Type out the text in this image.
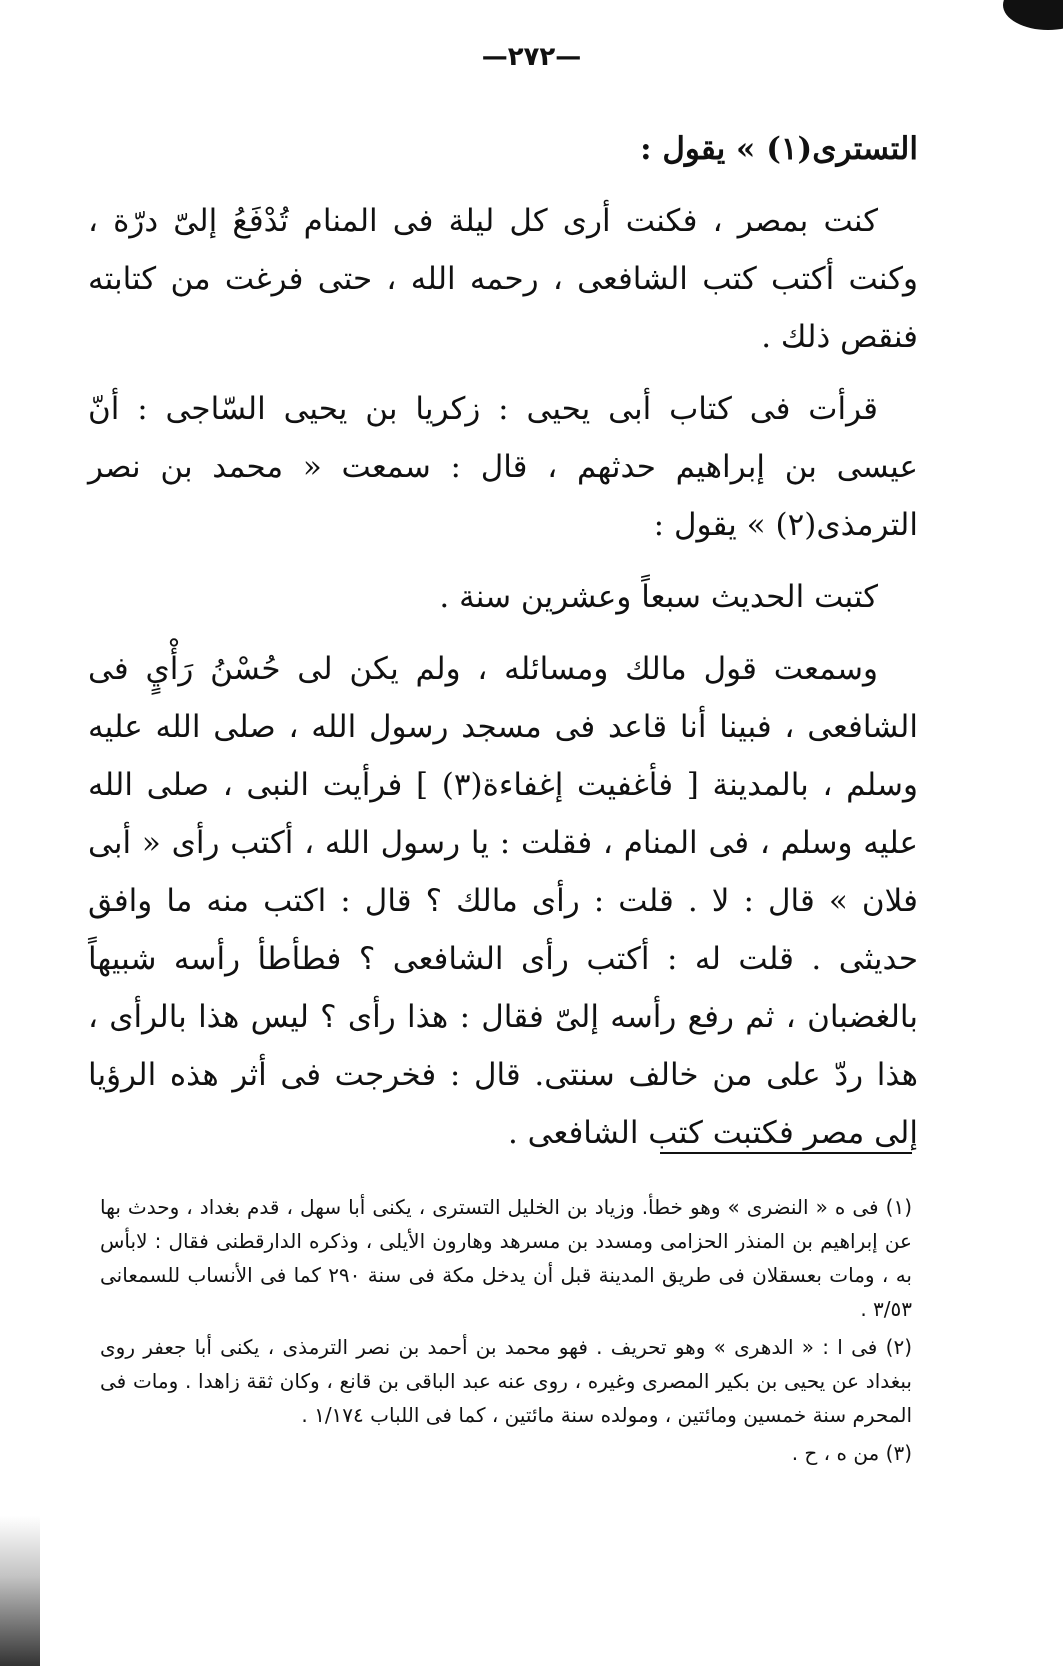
—٢٧٢—

التسترى(١) » يقول :

كنت بمصر ، فكنت أرى كل ليلة فى المنام تُدْفَعُ إلىّ درّة ، وكنت أكتب كتب الشافعى ، رحمه الله ، حتى فرغت من كتابته فنقص ذلك .

قرأت فى كتاب أبى يحيى : زكريا بن يحيى السّاجى : أنّ عيسى بن إبراهيم حدثهم ، قال : سمعت « محمد بن نصر الترمذى(٢) » يقول :

كتبت الحديث سبعاً وعشرين سنة .

وسمعت قول مالك ومسائله ، ولم يكن لى حُسْنُ رَأْيٍ فى الشافعى ، فبينا أنا قاعد فى مسجد رسول الله ، صلى الله عليه وسلم ، بالمدينة [ فأغفيت إغفاءة(٣) ] فرأيت النبى ، صلى الله عليه وسلم ، فى المنام ، فقلت : يا رسول الله ، أكتب رأى « أبى فلان » قال : لا . قلت : رأى مالك ؟ قال : اكتب منه ما وافق حديثى . قلت له : أكتب رأى الشافعى ؟ فطأطأ رأسه شبيهاً بالغضبان ، ثم رفع رأسه إلىّ فقال : هذا رأى ؟ ليس هذا بالرأى ، هذا ردّ على من خالف سنتى. قال : فخرجت فى أثر هذه الرؤيا إلى مصر فكتبت كتب الشافعى .

(١) فى ه « النضرى » وهو خطأ. وزياد بن الخليل التسترى ، يكنى أبا سهل ، قدم بغداد ، وحدث بها عن إبراهيم بن المنذر الحزامى ومسدد بن مسرهد وهارون الأيلى ، وذكره الدارقطنى فقال : لابأس به ، ومات بعسقلان فى طريق المدينة قبل أن يدخل مكة فى سنة ٢٩٠ كما فى الأنساب للسمعانى ٣/٥٣ .

(٢) فى ا : « الدهرى » وهو تحريف . فهو محمد بن أحمد بن نصر الترمذى ، يكنى أبا جعفر روى ببغداد عن يحيى بن بكير المصرى وغيره ، روى عنه عبد الباقى بن قانع ، وكان ثقة زاهدا . ومات فى المحرم سنة خمسين ومائتين ، ومولده سنة مائتين ، كما فى اللباب ١/١٧٤ .

(٣) من ه ، ح .
